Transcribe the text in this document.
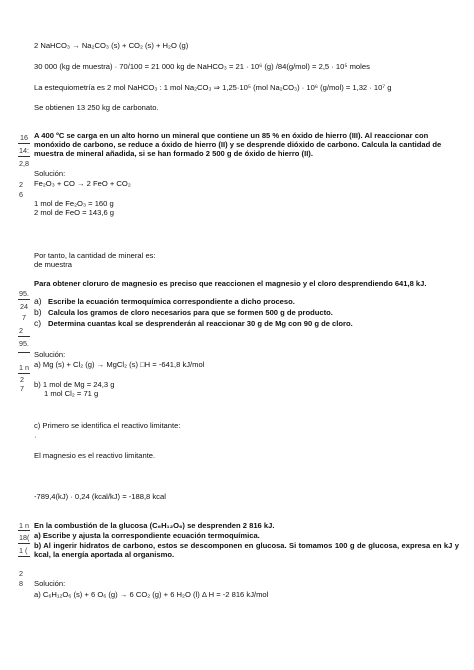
2 NaHCO₃ → Na₂CO₃ (s) + CO₂ (s) + H₂O (g)
30 000 (kg de muestra) · 70/100 = 21 000 kg de NaHCO₃ = 21 · 10⁶ (g) /84(g/mol) = 2,5 · 10⁵ moles
La estequiometría es 2 mol NaHCO₃ : 1 mol Na₂CO₃ ⇒ 1,25·10⁵ (mol Na₂CO₃) · 10⁶ (g/mol) = 1,32 · 10⁷ g
Se obtienen 13 250 kg de carbonato.
16
14:
2,8
2
6
A 400 ºC se carga en un alto horno un mineral que contiene un 85 % en óxido de hierro (III). Al reaccionar con monóxido de carbono, se reduce a óxido de hierro (II) y se desprende dióxido de carbono. Calcula la cantidad de muestra de mineral añadida, si se han formado 2 500 g de óxido de hierro (II).
Solución:
Fe₂O₃ + CO → 2 FeO + CO₂
1 mol de Fe₂O₃ = 160 g
2 mol de FeO = 143,6 g
Por tanto, la cantidad de mineral es:
de muestra
95.
24
7
2
95.
Para obtener cloruro de magnesio es preciso que reaccionen el magnesio y el cloro desprendiendo 641,8 kJ.
a) Escribe la ecuación termoquímica correspondiente a dicho proceso.
b) Calcula los gramos de cloro necesarios para que se formen 500 g de producto.
c) Determina cuantas kcal se desprenderán al reaccionar 30 g de Mg con 90 g de cloro.
1 n
2
7
Solución:
a) Mg (s) + Cl₂ (g) → MgCl₂ (s) □H = -641,8 kJ/mol
b) 1 mol de Mg = 24,3 g
1 mol Cl₂ = 71 g
c) Primero se identifica el reactivo limitante:
·
El magnesio es el reactivo limitante.
-789,4(kJ) · 0,24 (kcal/kJ) = -188,8 kcal
1 n
18(
1 (
2
8
En la combustión de la glucosa (C₆H₁₂O₆) se desprenden 2 816 kJ.
a) Escribe y ajusta la correspondiente ecuación termoquímica.
b) Al ingerir hidratos de carbono, estos se descomponen en glucosa. Si tomamos 100 g de glucosa, expresa en kJ y kcal, la energía aportada al organismo.
Solución:
a) C₆H₁₂O₆ (s) + 6 O₆ (g) → 6 CO₂ (g) + 6 H₂O (l) Δ H = -2 816 kJ/mol
